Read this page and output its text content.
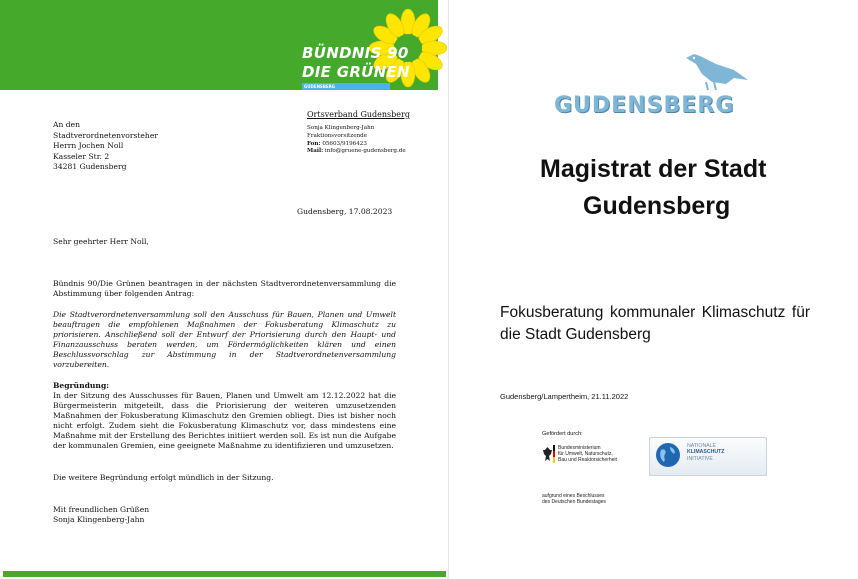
BÜNDNIS 90
DIE GRÜNEN
GUDENSBERG
An den
Stadtverordnetenvorsteher
Herrn Jochen Noll
Kasseler Str. 2
34281 Gudensberg
Ortsverband Gudensberg
Sonja Klingenberg-Jahn
Fraktionsvorsitzende
Fon: 05603/9196423
Mail: info@gruene-gudensberg.de
Gudensberg, 17.08.2023
Sehr geehrter Herr Noll,
Bündnis 90/Die Grünen beantragen in der nächsten Stadtverordnetenversammlung die Abstimmung über folgenden Antrag:
Die Stadtverordnetenversammlung soll den Ausschuss für Bauen, Planen und Umwelt beauftragen die empfohlenen Maßnahmen der Fokusberatung Klimaschutz zu priorisieren. Anschließend soll der Entwurf der Priorisierung durch den Haupt- und Finanzausschuss beraten werden, um Fördermöglichkeiten klären und einen Beschlussvorschlag zur Abstimmung in der Stadtverordnetenversammlung vorzubereiten.
Begründung:
In der Sitzung des Ausschusses für Bauen, Planen und Umwelt am 12.12.2022 hat die Bürgermeisterin mitgeteilt, dass die Priorisierung der weiteren umzusetzenden Maßnahmen der Fokusberatung Klimaschutz den Gremien obliegt. Dies ist bisher noch nicht erfolgt. Zudem sieht die Fokusberatung Klimaschutz vor, dass mindestens eine Maßnahme mit der Erstellung des Berichtes initiiert werden soll. Es ist nun die Aufgabe der kommunalen Gremien, eine geeignete Maßnahme zu identifizieren und umzusetzen.
Die weitere Begründung erfolgt mündlich in der Sitzung.
Mit freundlichen Grüßen
Sonja Klingenberg-Jahn
GUDENSBERG
Magistrat der Stadt
Gudensberg
Fokusberatung kommunaler Klimaschutz für die Stadt Gudensberg
Gudensberg/Lampertheim, 21.11.2022
Gefördert durch:
Bundesministerium
für Umwelt, Naturschutz,
Bau und Reaktorsicherheit
aufgrund eines Beschlusses
des Deutschen Bundestages
NATIONALE
KLIMASCHUTZ
INITIATIVE
